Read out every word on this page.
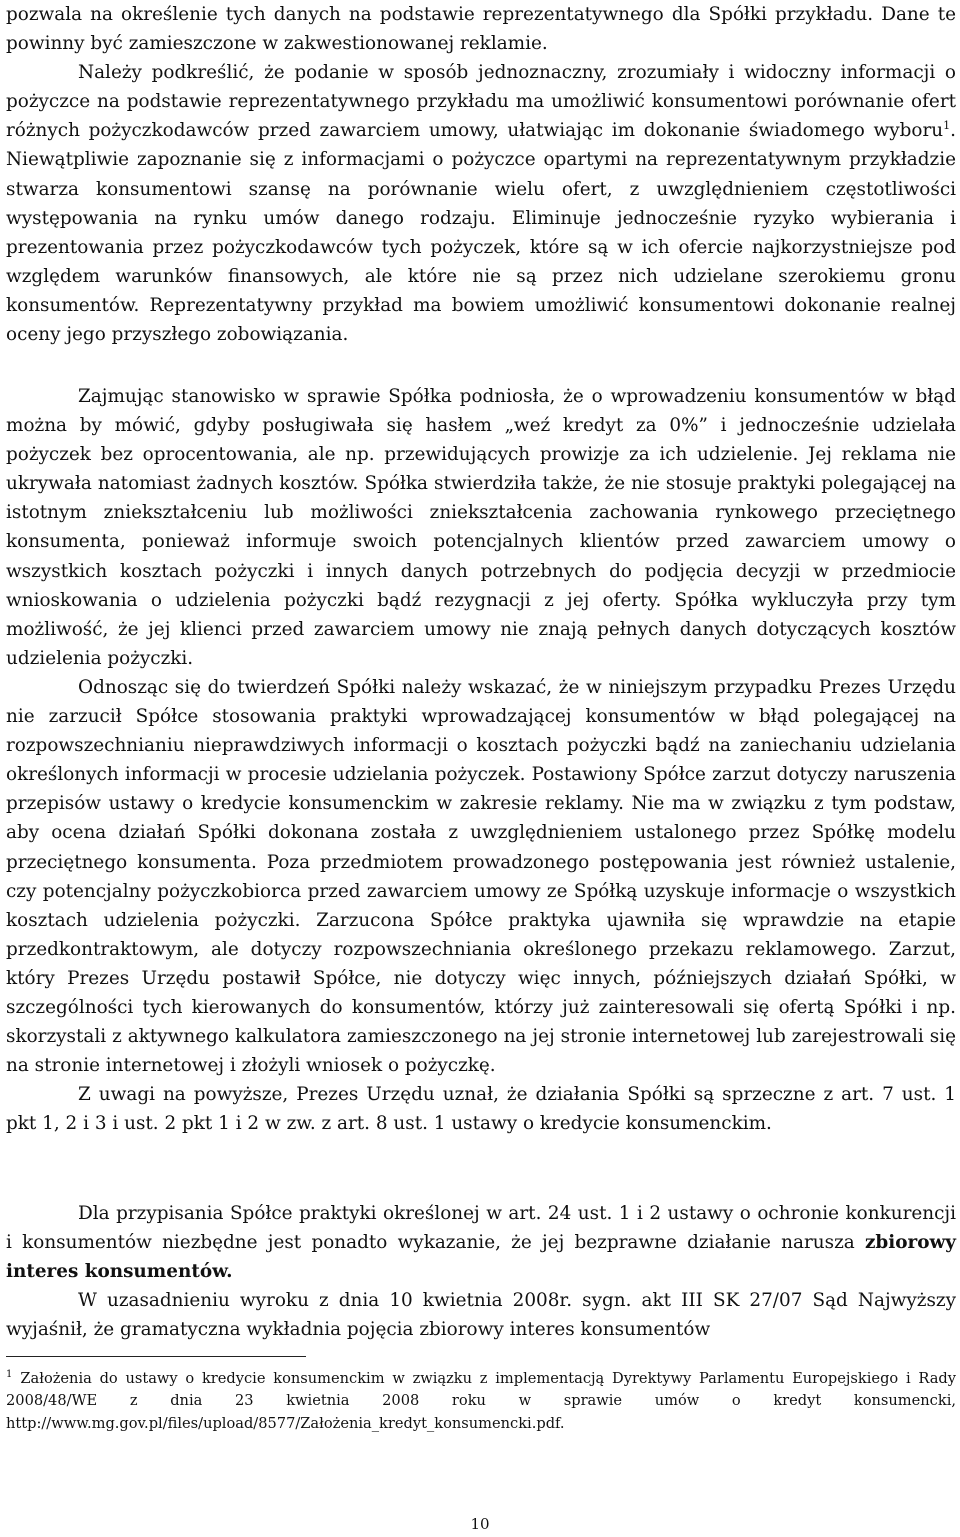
pozwala na określenie tych danych na podstawie reprezentatywnego dla Spółki przykładu. Dane te powinny być zamieszczone w zakwestionowanej reklamie.

Należy podkreślić, że podanie w sposób jednoznaczny, zrozumiały i widoczny informacji o pożyczce na podstawie reprezentatywnego przykładu ma umożliwić konsumentowi porównanie ofert różnych pożyczkodawców przed zawarciem umowy, ułatwiając im dokonanie świadomego wyboru$^1$. Niewątpliwie zapoznanie się z informacjami o pożyczce opartymi na reprezentatywnym przykładzie stwarza konsumentowi szansę na porównanie wielu ofert, z uwzględnieniem częstotliwości występowania na rynku umów danego rodzaju. Eliminuje jednocześnie ryzyko wybierania i prezentowania przez pożyczkodawców tych pożyczek, które są w ich ofercie najkorzystniejsze pod względem warunków finansowych, ale które nie są przez nich udzielane szerokiemu gronu konsumentów. Reprezentatywny przykład ma bowiem umożliwić konsumentowi dokonanie realnej oceny jego przyszłego zobowiązania.

Zajmując stanowisko w sprawie Spółka podniosła, że o wprowadzeniu konsumentów w błąd można by mówić, gdyby posługiwała się hasłem „weź kredyt za 0%” i jednocześnie udzielała pożyczek bez oprocentowania, ale np. przewidujących prowizje za ich udzielenie. Jej reklama nie ukrywała natomiast żadnych kosztów. Spółka stwierdziła także, że nie stosuje praktyki polegającej na istotnym zniekształceniu lub możliwości zniekształcenia zachowania rynkowego przeciętnego konsumenta, ponieważ informuje swoich potencjalnych klientów przed zawarciem umowy o wszystkich kosztach pożyczki i innych danych potrzebnych do podjęcia decyzji w przedmiocie wnioskowania o udzielenia pożyczki bądź rezygnacji z jej oferty. Spółka wykluczyła przy tym możliwość, że jej klienci przed zawarciem umowy nie znają pełnych danych dotyczących kosztów udzielenia pożyczki.

Odnosząc się do twierdzeń Spółki należy wskazać, że w niniejszym przypadku Prezes Urzędu nie zarzucił Spółce stosowania praktyki wprowadzającej konsumentów w błąd polegającej na rozpowszechnianiu nieprawdziwych informacji o kosztach pożyczki bądź na zaniechaniu udzielania określonych informacji w procesie udzielania pożyczek. Postawiony Spółce zarzut dotyczy naruszenia przepisów ustawy o kredycie konsumenckim w zakresie reklamy. Nie ma w związku z tym podstaw, aby ocena działań Spółki dokonana została z uwzględnieniem ustalonego przez Spółkę modelu przeciętnego konsumenta. Poza przedmiotem prowadzonego postępowania jest również ustalenie, czy potencjalny pożyczkobiorca przed zawarciem umowy ze Spółką uzyskuje informacje o wszystkich kosztach udzielenia pożyczki. Zarzucona Spółce praktyka ujawniła się wprawdzie na etapie przedkontraktowym, ale dotyczy rozpowszechniania określonego przekazu reklamowego. Zarzut, który Prezes Urzędu postawił Spółce, nie dotyczy więc innych, późniejszych działań Spółki, w szczególności tych kierowanych do konsumentów, którzy już zainteresowali się ofertą Spółki i np. skorzystali z aktywnego kalkulatora zamieszczonego na jej stronie internetowej lub zarejestrowali się na stronie internetowej i złożyli wniosek o pożyczkę.

Z uwagi na powyższe, Prezes Urzędu uznał, że działania Spółki są sprzeczne z art. 7 ust. 1 pkt 1, 2 i 3 i ust. 2 pkt 1 i 2 w zw. z art. 8 ust. 1 ustawy o kredycie konsumenckim.

Dla przypisania Spółce praktyki określonej w art. 24 ust. 1 i 2 ustawy o ochronie konkurencji i konsumentów niezbędne jest ponadto wykazanie, że jej bezprawne działanie narusza zbiorowy interes konsumentów.

W uzasadnieniu wyroku z dnia 10 kwietnia 2008r. sygn. akt III SK 27/07 Sąd Najwyższy wyjaśnił, że gramatyczna wykładnia pojęcia zbiorowy interes konsumentów

$^1$ Założenia do ustawy o kredycie konsumenckim w związku z implementacją Dyrektywy Parlamentu Europejskiego i Rady 2008/48/WE z dnia 23 kwietnia 2008 roku w sprawie umów o kredyt konsumencki, http://www.mg.gov.pl/files/upload/8577/Założenia_kredyt_konsumencki.pdf.

10
